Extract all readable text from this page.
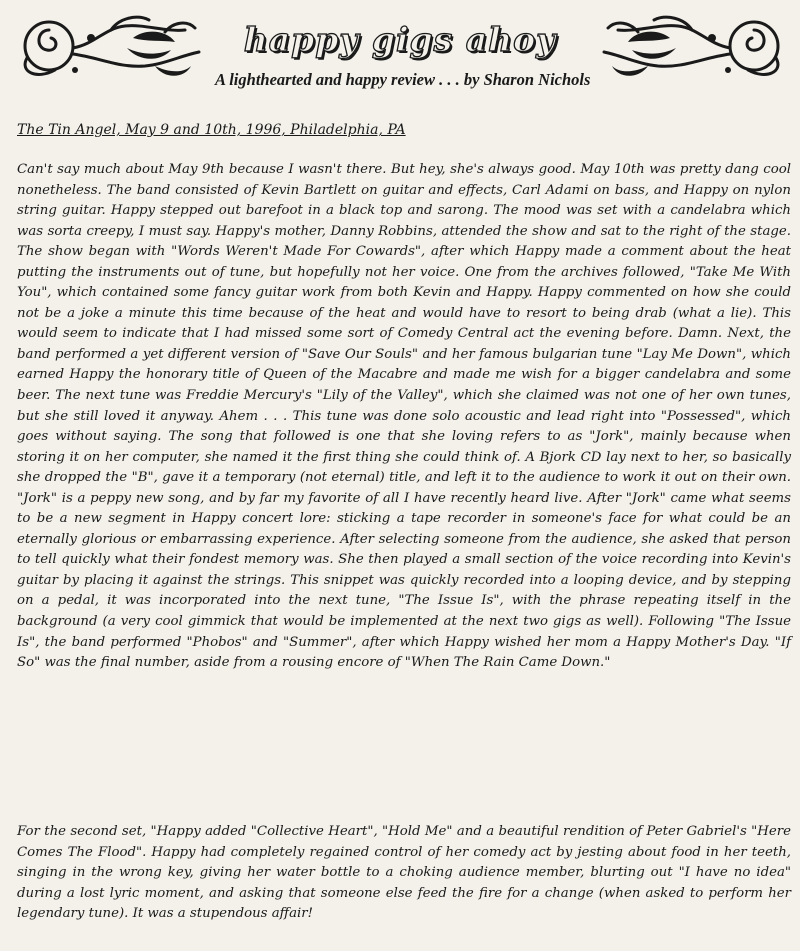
happy gigs ahoy
A lighthearted and happy review . . . by Sharon Nichols
The Tin Angel, May 9 and 10th, 1996, Philadelphia, PA

Can't say much about May 9th because I wasn't there. But hey, she's always good. May 10th was pretty dang cool nonetheless. The band consisted of Kevin Bartlett on guitar and effects, Carl Adami on bass, and Happy on nylon string guitar. Happy stepped out barefoot in a black top and sarong. The mood was set with a candelabra which was sorta creepy, I must say. Happy's mother, Danny Robbins, attended the show and sat to the right of the stage. The show began with "Words Weren't Made For Cowards", after which Happy made a comment about the heat putting the instruments out of tune, but hopefully not her voice. One from the archives followed, "Take Me With You", which contained some fancy guitar work from both Kevin and Happy. Happy commented on how she could not be a joke a minute this time because of the heat and would have to resort to being drab (what a lie). This would seem to indicate that I had missed some sort of Comedy Central act the evening before. Damn. Next, the band performed a yet different version of "Save Our Souls" and her famous bulgarian tune "Lay Me Down", which earned Happy the honorary title of Queen of the Macabre and made me wish for a bigger candelabra and some beer. The next tune was Freddie Mercury's "Lily of the Valley", which she claimed was not one of her own tunes, but she still loved it anyway. Ahem . . . This tune was done solo acoustic and lead right into "Possessed", which goes without saying. The song that followed is one that she loving refers to as "Jork", mainly because when storing it on her computer, she named it the first thing she could think of. A Bjork CD lay next to her, so basically she dropped the "B", gave it a temporary (not eternal) title, and left it to the audience to work it out on their own. "Jork" is a peppy new song, and by far my favorite of all I have recently heard live. After "Jork" came what seems to be a new segment in Happy concert lore: sticking a tape recorder in someone's face for what could be an eternally glorious or embarrassing experience. After selecting someone from the audience, she asked that person to tell quickly what their fondest memory was. She then played a small section of the voice recording into Kevin's guitar by placing it against the strings. This snippet was quickly recorded into a looping device, and by stepping on a pedal, it was incorporated into the next tune, "The Issue Is", with the phrase repeating itself in the background (a very cool gimmick that would be implemented at the next two gigs as well). Following "The Issue Is", the band performed "Phobos" and "Summer", after which Happy wished her mom a Happy Mother's Day. "If So" was the final number, aside from a rousing encore of "When The Rain Came Down."

For the second set, "Happy added "Collective Heart", "Hold Me" and a beautiful rendition of Peter Gabriel's "Here Comes The Flood". Happy had completely regained control of her comedy act by jesting about food in her teeth, singing in the wrong key, giving her water bottle to a choking audience member, blurting out "I have no idea" during a lost lyric moment, and asking that someone else feed the fire for a change (when asked to perform her legendary tune). It was a stupendous affair!
